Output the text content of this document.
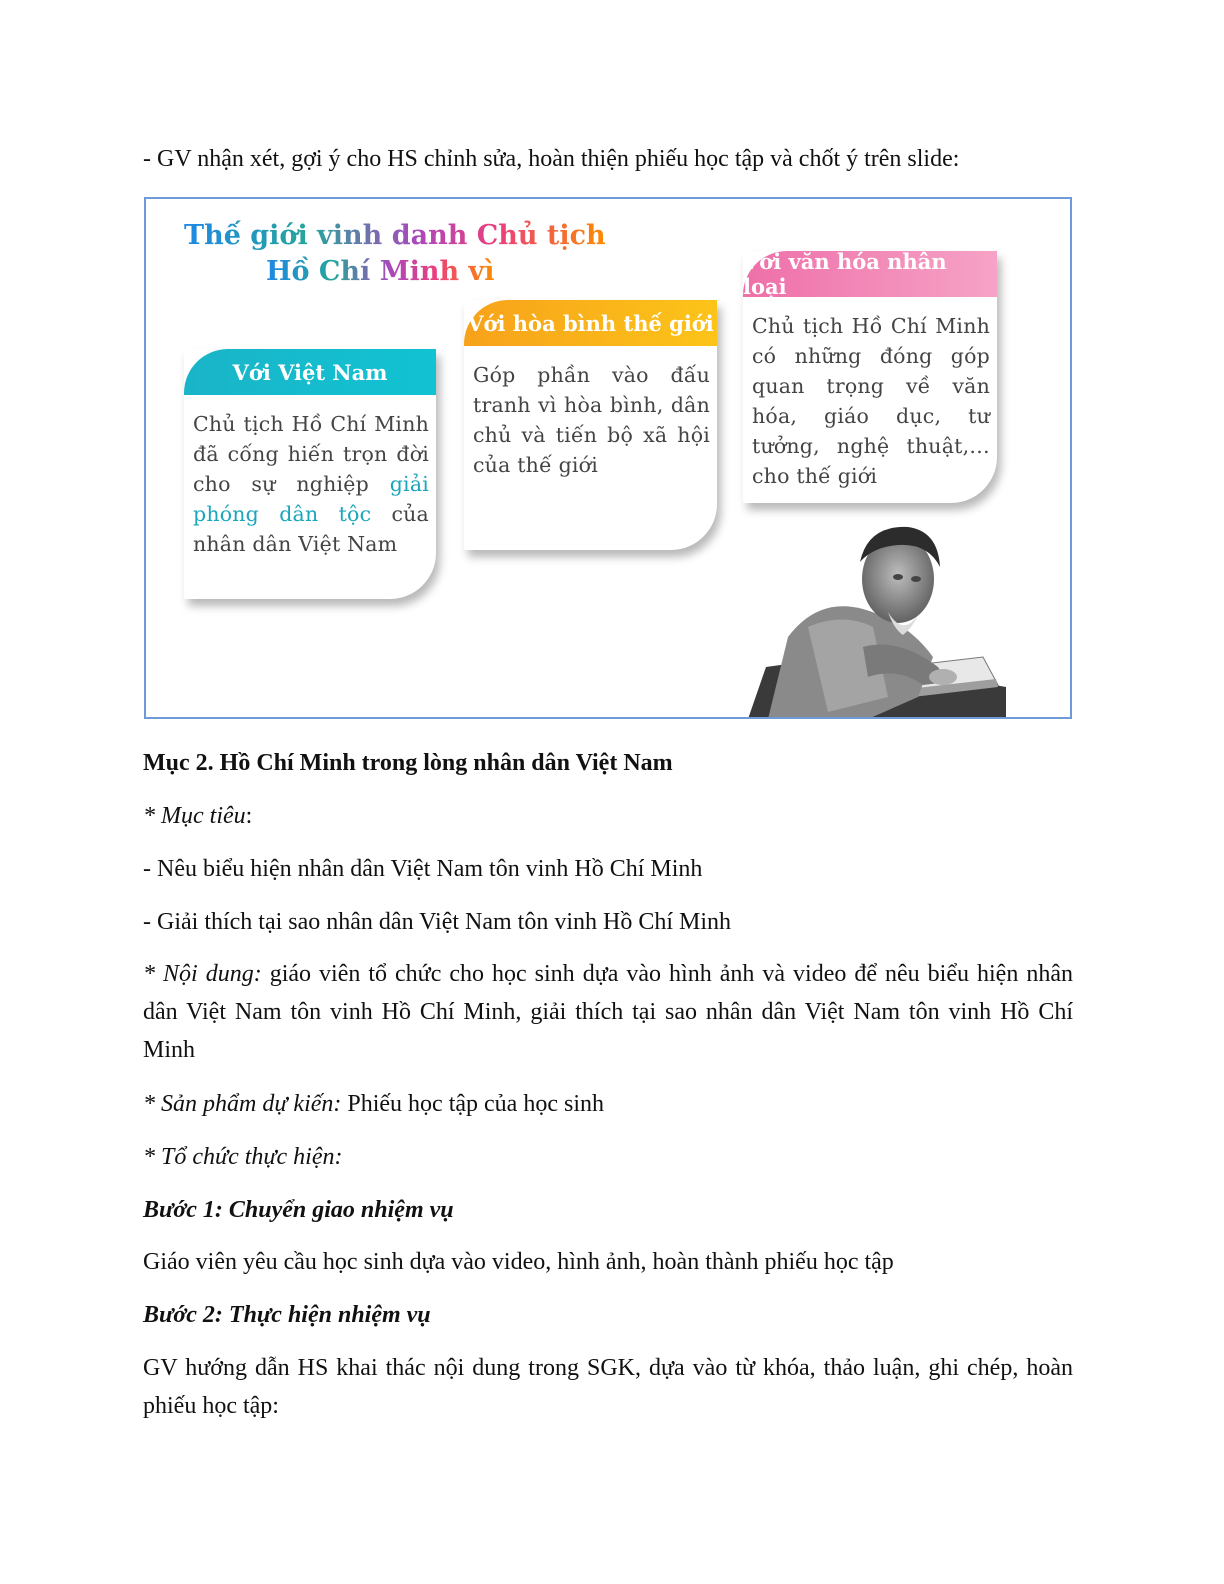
- GV nhận xét, gợi ý cho HS chỉnh sửa, hoàn thiện phiếu học tập và chốt ý trên slide:

Thế giới vinh danh Chủ tịch
Hồ Chí Minh vì
Với Việt Nam
Chủ tịch Hồ Chí Minh đã cống hiến trọn đời cho sự nghiệp giải phóng dân tộc của nhân dân Việt Nam
Với hòa bình thế giới
Góp phần vào đấu tranh vì hòa bình, dân chủ và tiến bộ xã hội của thế giới
Với văn hóa nhân loại
Chủ tịch Hồ Chí Minh có những đóng góp quan trọng về văn hóa, giáo dục, tư tưởng, nghệ thuật,… cho thế giới

Mục 2. Hồ Chí Minh trong lòng nhân dân Việt Nam

* Mục tiêu:

- Nêu biểu hiện nhân dân Việt Nam tôn vinh Hồ Chí Minh

- Giải thích tại sao nhân dân Việt Nam tôn vinh Hồ Chí Minh

* Nội dung: giáo viên tổ chức cho học sinh dựa vào hình ảnh và video để nêu biểu hiện nhân dân Việt Nam tôn vinh Hồ Chí Minh, giải thích tại sao nhân dân Việt Nam tôn vinh Hồ Chí Minh

* Sản phẩm dự kiến: Phiếu học tập của học sinh

* Tổ chức thực hiện:

Bước 1: Chuyển giao nhiệm vụ

Giáo viên yêu cầu học sinh dựa vào video, hình ảnh, hoàn thành phiếu học tập

Bước 2: Thực hiện nhiệm vụ

GV hướng dẫn HS khai thác nội dung trong SGK, dựa vào từ khóa, thảo luận, ghi chép, hoàn phiếu học tập:
